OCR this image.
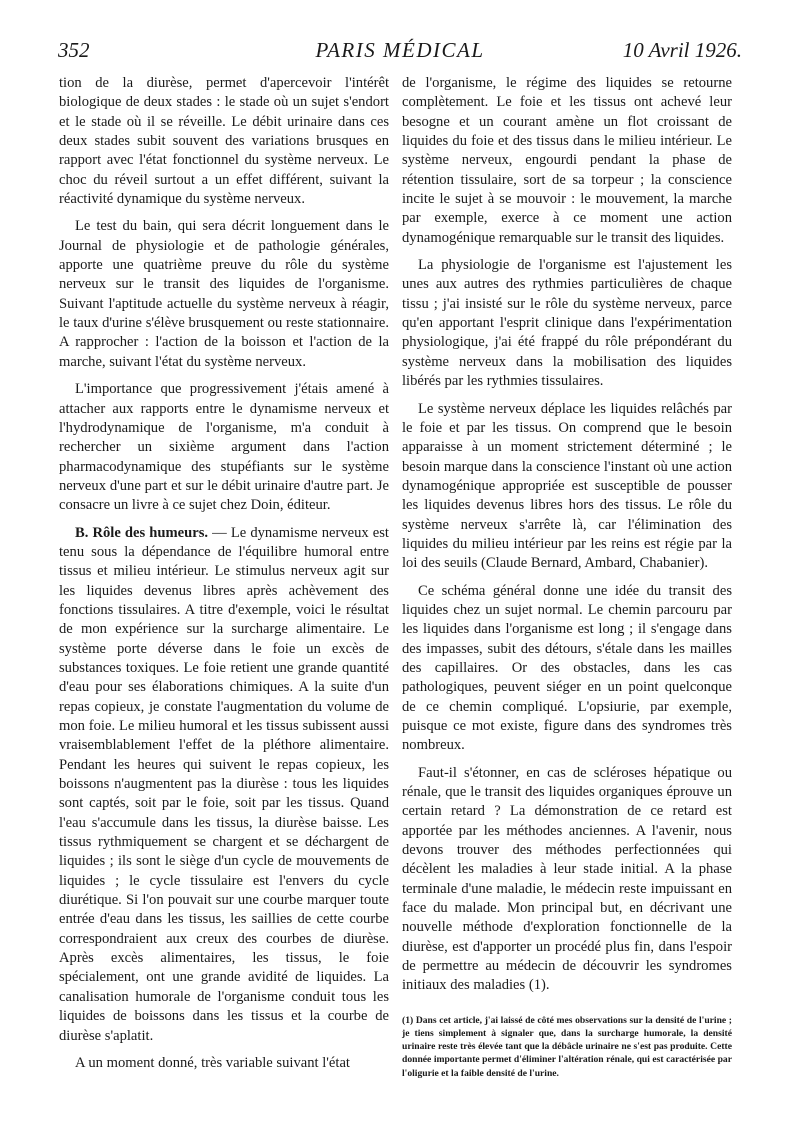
352	PARIS MÉDICAL	10 Avril 1926.

tion de la diurèse, permet d'apercevoir l'intérêt biologique de deux stades : le stade où un sujet s'endort et le stade où il se réveille. Le débit urinaire dans ces deux stades subit souvent des variations brusques en rapport avec l'état fonctionnel du système nerveux. Le choc du réveil surtout a un effet différent, suivant la réactivité dynamique du système nerveux.

Le test du bain, qui sera décrit longuement dans le Journal de physiologie et de pathologie générales, apporte une quatrième preuve du rôle du système nerveux sur le transit des liquides de l'organisme. Suivant l'aptitude actuelle du système nerveux à réagir, le taux d'urine s'élève brusquement ou reste stationnaire. A rapprocher : l'action de la boisson et l'action de la marche, suivant l'état du système nerveux.

L'importance que progressivement j'étais amené à attacher aux rapports entre le dynamisme nerveux et l'hydrodynamique de l'organisme, m'a conduit à rechercher un sixième argument dans l'action pharmacodynamique des stupéfiants sur le système nerveux d'une part et sur le débit urinaire d'autre part. Je consacre un livre à ce sujet chez Doin, éditeur.

B. Rôle des humeurs. — Le dynamisme nerveux est tenu sous la dépendance de l'équilibre humoral entre tissus et milieu intérieur. Le stimulus nerveux agit sur les liquides devenus libres après achèvement des fonctions tissulaires. A titre d'exemple, voici le résultat de mon expérience sur la surcharge alimentaire. Le système porte déverse dans le foie un excès de substances toxiques. Le foie retient une grande quantité d'eau pour ses élaborations chimiques. A la suite d'un repas copieux, je constate l'augmentation du volume de mon foie. Le milieu humoral et les tissus subissent aussi vraisemblablement l'effet de la pléthore alimentaire. Pendant les heures qui suivent le repas copieux, les boissons n'augmentent pas la diurèse : tous les liquides sont captés, soit par le foie, soit par les tissus. Quand l'eau s'accumule dans les tissus, la diurèse baisse. Les tissus rythmiquement se chargent et se déchargent de liquides ; ils sont le siège d'un cycle de mouvements de liquides ; le cycle tissulaire est l'envers du cycle diurétique. Si l'on pouvait sur une courbe marquer toute entrée d'eau dans les tissus, les saillies de cette courbe correspondraient aux creux des courbes de diurèse. Après excès alimentaires, les tissus, le foie spécialement, ont une grande avidité de liquides. La canalisation humorale de l'organisme conduit tous les liquides de boissons dans les tissus et la courbe de diurèse s'aplatit.

A un moment donné, très variable suivant l'état

de l'organisme, le régime des liquides se retourne complètement. Le foie et les tissus ont achevé leur besogne et un courant amène un flot croissant de liquides du foie et des tissus dans le milieu intérieur. Le système nerveux, engourdi pendant la phase de rétention tissulaire, sort de sa torpeur ; la conscience incite le sujet à se mouvoir : le mouvement, la marche par exemple, exerce à ce moment une action dynamogénique remarquable sur le transit des liquides.

La physiologie de l'organisme est l'ajustement les unes aux autres des rythmies particulières de chaque tissu ; j'ai insisté sur le rôle du système nerveux, parce qu'en apportant l'esprit clinique dans l'expérimentation physiologique, j'ai été frappé du rôle prépondérant du système nerveux dans la mobilisation des liquides libérés par les rythmies tissulaires.

Le système nerveux déplace les liquides relâchés par le foie et par les tissus. On comprend que le besoin apparaisse à un moment strictement déterminé ; le besoin marque dans la conscience l'instant où une action dynamogénique appropriée est susceptible de pousser les liquides devenus libres hors des tissus. Le rôle du système nerveux s'arrête là, car l'élimination des liquides du milieu intérieur par les reins est régie par la loi des seuils (Claude Bernard, Ambard, Chabanier).

Ce schéma général donne une idée du transit des liquides chez un sujet normal. Le chemin parcouru par les liquides dans l'organisme est long ; il s'engage dans des impasses, subit des détours, s'étale dans les mailles des capillaires. Or des obstacles, dans les cas pathologiques, peuvent siéger en un point quelconque de ce chemin compliqué. L'opsiurie, par exemple, puisque ce mot existe, figure dans des syndromes très nombreux.

Faut-il s'étonner, en cas de scléroses hépatique ou rénale, que le transit des liquides organiques éprouve un certain retard ? La démonstration de ce retard est apportée par les méthodes anciennes. A l'avenir, nous devons trouver des méthodes perfectionnées qui décèlent les maladies à leur stade initial. A la phase terminale d'une maladie, le médecin reste impuissant en face du malade. Mon principal but, en décrivant une nouvelle méthode d'exploration fonctionnelle de la diurèse, est d'apporter un procédé plus fin, dans l'espoir de permettre au médecin de découvrir les syndromes initiaux des maladies (1).

(1) Dans cet article, j'ai laissé de côté mes observations sur la densité de l'urine ; je tiens simplement à signaler que, dans la surcharge humorale, la densité urinaire reste très élevée tant que la débâcle urinaire ne s'est pas produite. Cette donnée importante permet d'éliminer l'altération rénale, qui est caractérisée par l'oligurie et la faible densité de l'urine.
